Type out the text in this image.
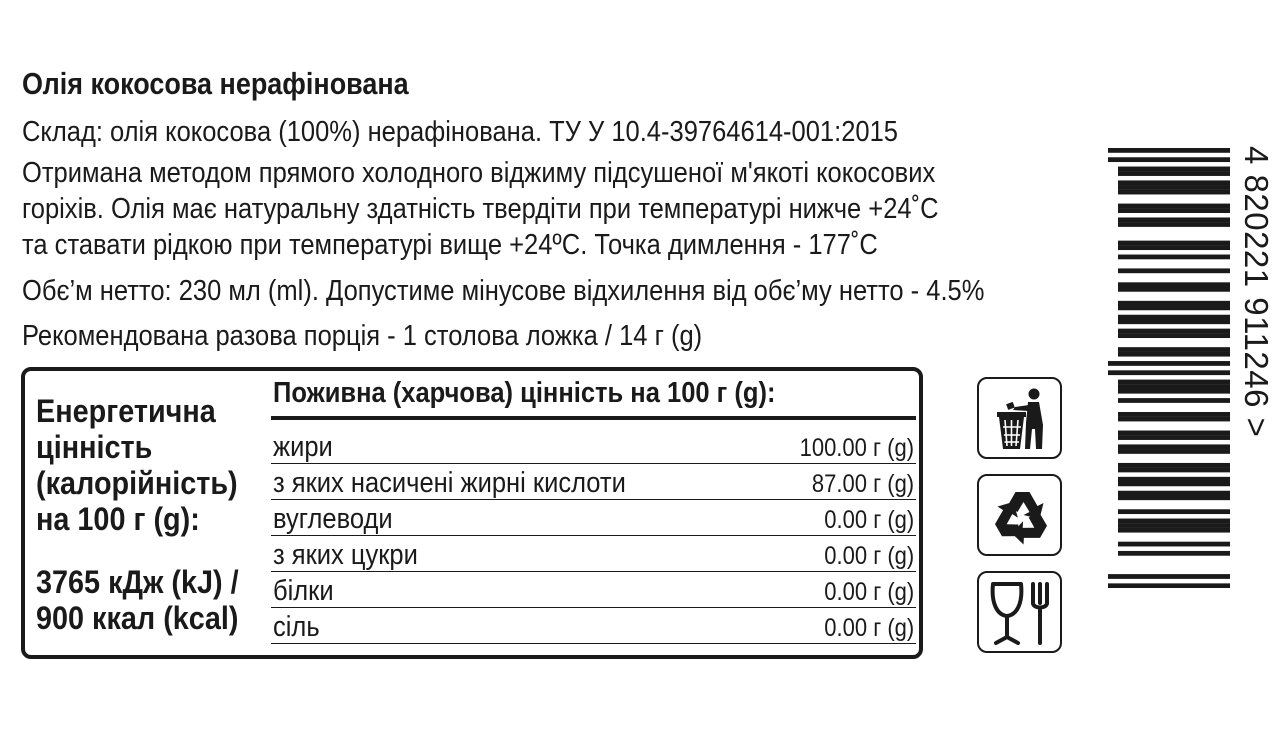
Олія кокосова нерафінована
Склад: олія кокосова (100%) нерафінована. ТУ У 10.4-39764614-001:2015
Отримана методом прямого холодного віджиму підсушеної м'якоті кокосових
горіхів. Олія має натуральну здатність твердіти при температурі нижче +24˚С
та ставати рідкою при температурі вище +24ºС. Точка димлення - 177˚С
Обє’м нетто: 230 мл (ml). Допустиме мінусове відхилення від обє’му нетто - 4.5%
Рекомендована разова порція - 1 столова ложка / 14 г (g)
Енергетична
цінність
(калорійність)
на 100 г (g):
3765 кДж (kJ) /
900 ккал (kcal)
Поживна (харчова) цінність на 100 г (g):
жири	100.00 г (g)
з яких насичені жирні кислоти	87.00 г (g)
вуглеводи	0.00 г (g)
з яких цукри	0.00 г (g)
білки	0.00 г (g)
сіль	0.00 г (g)
4 820221 911246 >
